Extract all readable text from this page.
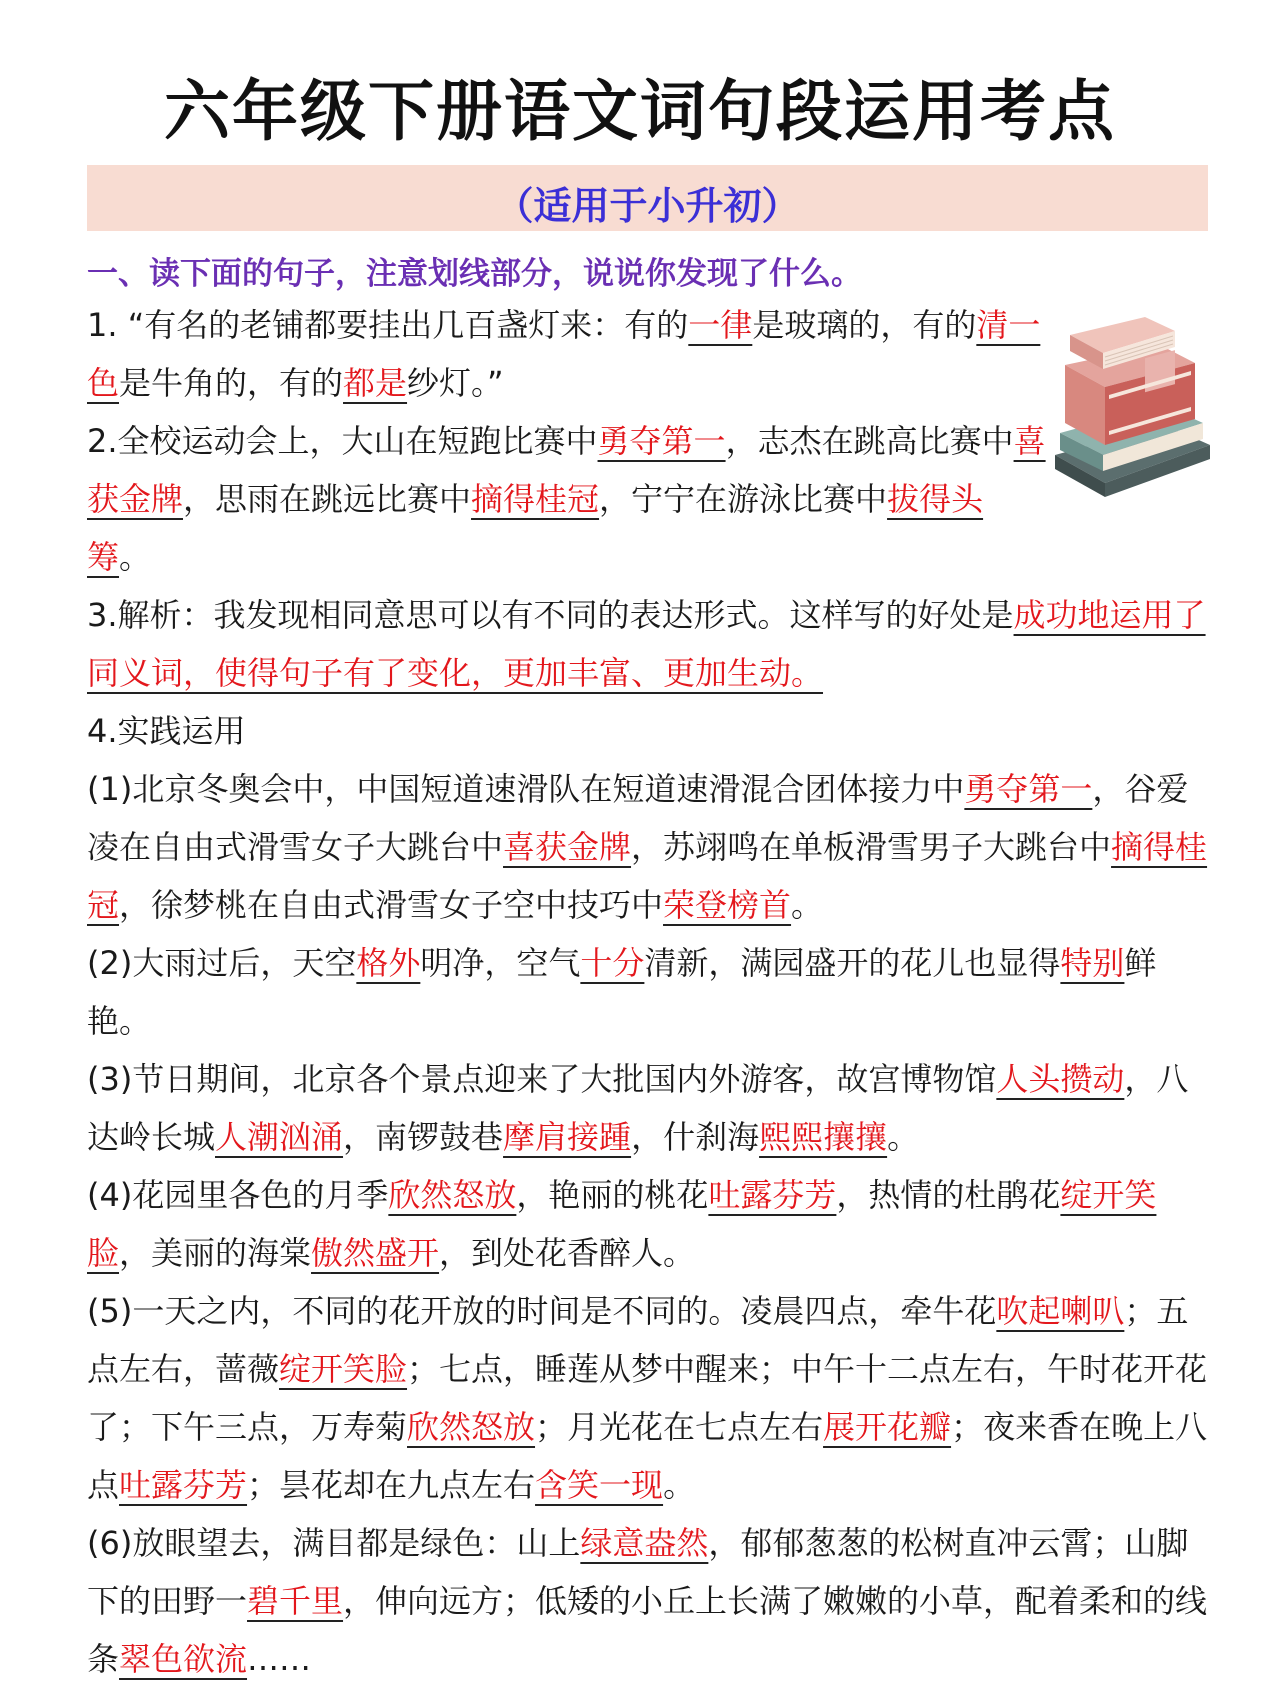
六年级下册语文词句段运用考点
（适用于小升初）
一、读下面的句子，注意划线部分，说说你发现了什么。

1. “有名的老铺都要挂出几百盏灯来：有的一律是玻璃的，有的清一色是牛角的，有的都是纱灯。”

2.全校运动会上，大山在短跑比赛中勇夺第一，志杰在跳高比赛中喜获金牌，思雨在跳远比赛中摘得桂冠，宁宁在游泳比赛中拔得头筹。

3.解析：我发现相同意思可以有不同的表达形式。这样写的好处是成功地运用了同义词，使得句子有了变化，更加丰富、更加生动。

4.实践运用

(1)北京冬奥会中，中国短道速滑队在短道速滑混合团体接力中勇夺第一，谷爱凌在自由式滑雪女子大跳台中喜获金牌，苏翊鸣在单板滑雪男子大跳台中摘得桂冠，徐梦桃在自由式滑雪女子空中技巧中荣登榜首。

(2)大雨过后，天空格外明净，空气十分清新，满园盛开的花儿也显得特别鲜艳。

(3)节日期间，北京各个景点迎来了大批国内外游客，故宫博物馆人头攒动，八达岭长城人潮汹涌，南锣鼓巷摩肩接踵，什刹海熙熙攘攘。

(4)花园里各色的月季欣然怒放，艳丽的桃花吐露芬芳，热情的杜鹃花绽开笑脸，美丽的海棠傲然盛开，到处花香醉人。

(5)一天之内，不同的花开放的时间是不同的。凌晨四点，牵牛花吹起喇叭；五点左右，蔷薇绽开笑脸；七点，睡莲从梦中醒来；中午十二点左右，午时花开花了；下午三点，万寿菊欣然怒放；月光花在七点左右展开花瓣；夜来香在晚上八点吐露芬芳；昙花却在九点左右含笑一现。

(6)放眼望去，满目都是绿色：山上绿意盎然，郁郁葱葱的松树直冲云霄；山脚下的田野一碧千里，伸向远方；低矮的小丘上长满了嫩嫩的小草，配着柔和的线条翠色欲流……
